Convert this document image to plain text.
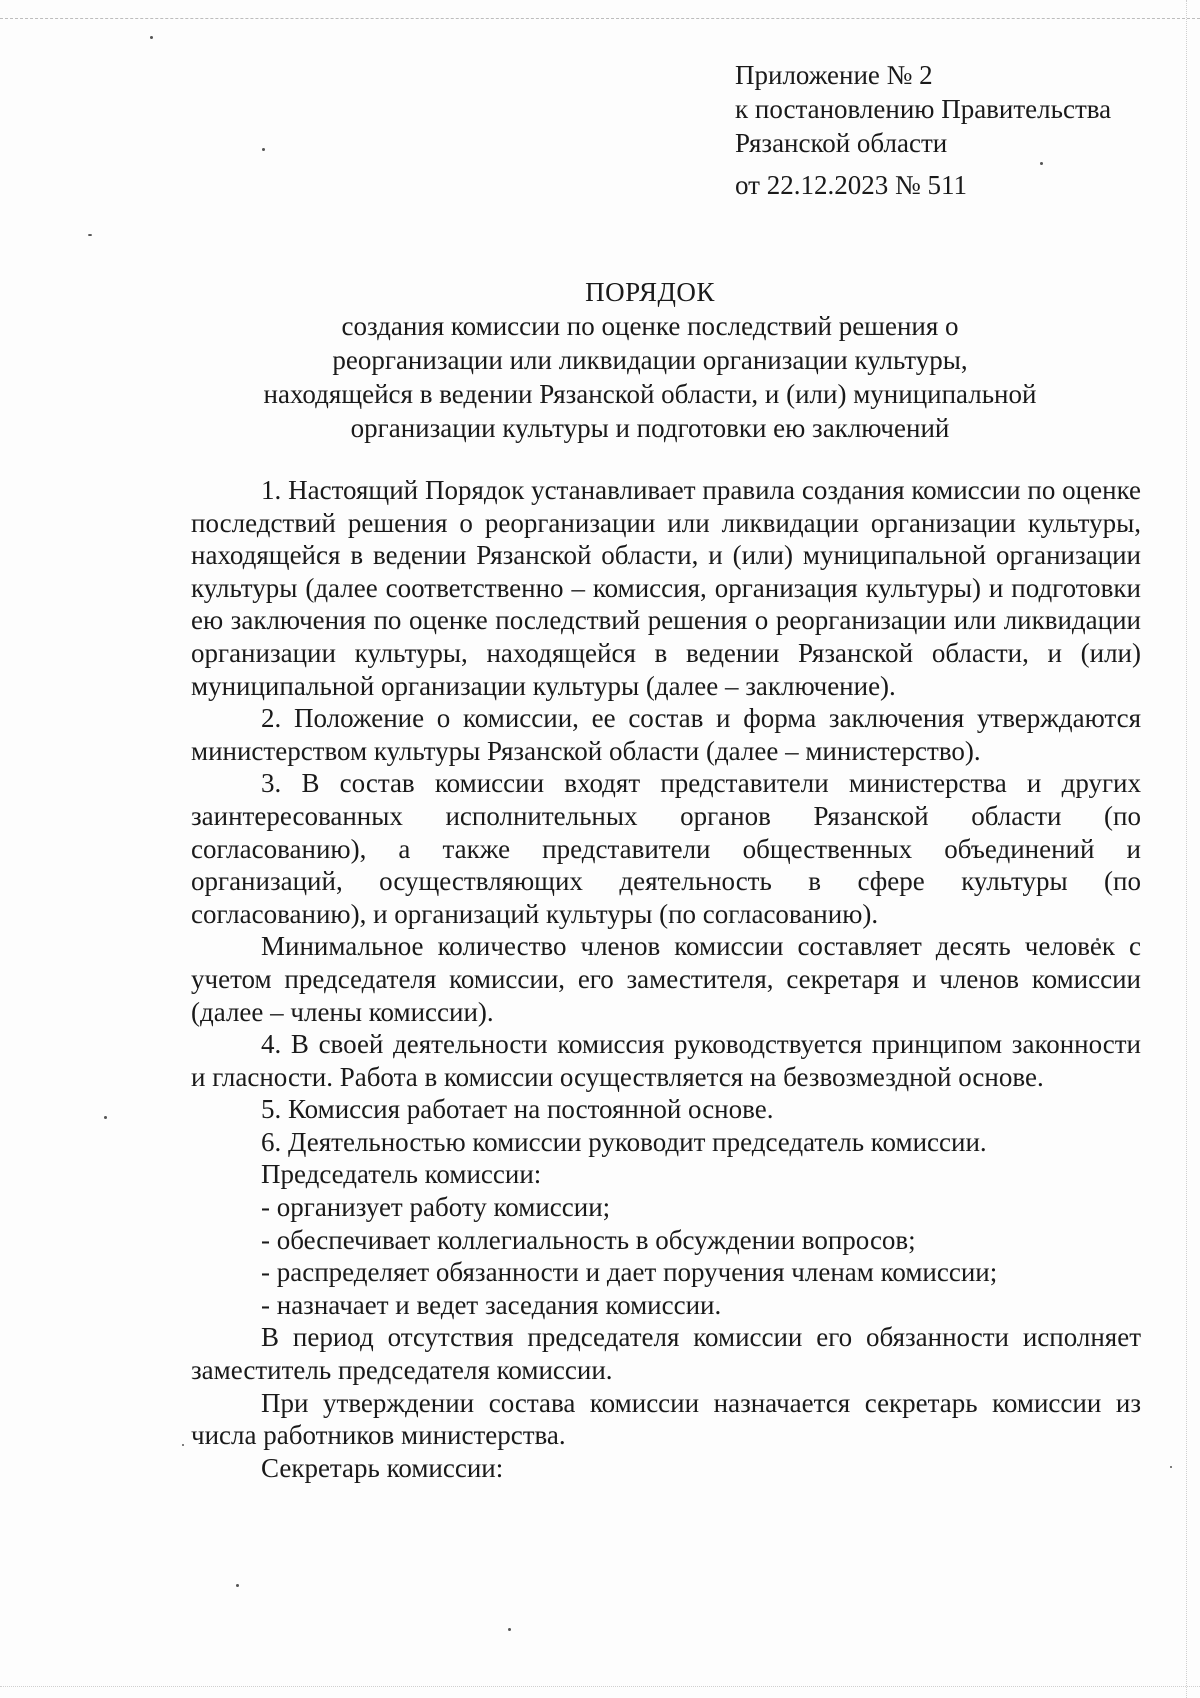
Приложение № 2
к постановлению Правительства
Рязанской области
от 22.12.2023 № 511
ПОРЯДОК
создания комиссии по оценке последствий решения о
реорганизации или ликвидации организации культуры,
находящейся в ведении Рязанской области, и (или) муниципальной
организации культуры и подготовки ею заключений

1. Настоящий Порядок устанавливает правила создания комиссии по оценке последствий решения о реорганизации или ликвидации организации культуры, находящейся в ведении Рязанской области, и (или) муниципальной организации культуры (далее соответственно – комиссия, организация культуры) и подготовки ею заключения по оценке последствий решения о реорганизации или ликвидации организации культуры, находящейся в ведении Рязанской области, и (или) муниципальной организации культуры (далее – заключение).

2. Положение о комиссии, ее состав и форма заключения утверждаются министерством культуры Рязанской области (далее – министерство).

3. В состав комиссии входят представители министерства и других заинтересованных исполнительных органов Рязанской области (по согласованию), а также представители общественных объединений и организаций, осуществляющих деятельность в сфере культуры (по согласованию), и организаций культуры (по согласованию).

Минимальное количество членов комиссии составляет десять человек с учетом председателя комиссии, его заместителя, секретаря и членов комиссии (далее – члены комиссии).

4. В своей деятельности комиссия руководствуется принципом законности и гласности. Работа в комиссии осуществляется на безвозмездной основе.

5. Комиссия работает на постоянной основе.

6. Деятельностью комиссии руководит председатель комиссии.

Председатель комиссии:

- организует работу комиссии;

- обеспечивает коллегиальность в обсуждении вопросов;

- распределяет обязанности и дает поручения членам комиссии;

- назначает и ведет заседания комиссии.

В период отсутствия председателя комиссии его обязанности исполняет заместитель председателя комиссии.

При утверждении состава комиссии назначается секретарь комиссии из числа работников министерства.

Секретарь комиссии:
